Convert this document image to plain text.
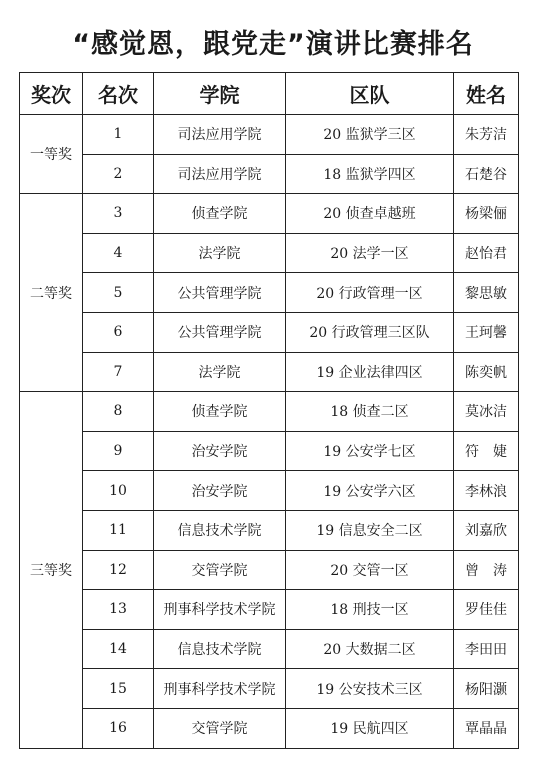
“感觉恩，跟党走”演讲比赛排名
奖次	名次	学院	区队	姓名
一等奖	1	司法应用学院	20 监狱学三区	朱芳洁
	2	司法应用学院	18 监狱学四区	石楚谷
二等奖	3	侦查学院	20 侦查卓越班	杨梁俪
	4	法学院	20 法学一区	赵怡君
	5	公共管理学院	20 行政管理一区	黎思敏
	6	公共管理学院	20 行政管理三区队	王珂馨
	7	法学院	19 企业法律四区	陈奕帆
三等奖	8	侦查学院	18 侦查二区	莫冰洁
	9	治安学院	19 公安学七区	符　婕
	10	治安学院	19 公安学六区	李林浪
	11	信息技术学院	19 信息安全二区	刘嘉欣
	12	交管学院	20 交管一区	曾　涛
	13	刑事科学技术学院	18 刑技一区	罗佳佳
	14	信息技术学院	20 大数据二区	李田田
	15	刑事科学技术学院	19 公安技术三区	杨阳灏
	16	交管学院	19 民航四区	覃晶晶
